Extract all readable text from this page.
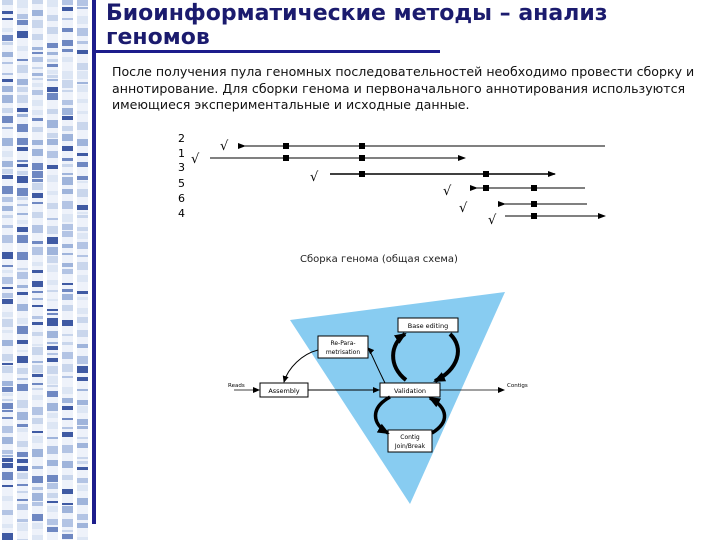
Биоинформатические методы – анализ геномов

После получения пула геномных последовательностей необходимо провести сборку и аннотирование. Для сборки генома и первоначального аннотирования используются имеющиеся экспериментальные и исходные данные.

2
1
3
5
6
4
√
√
√
√
√
√
Сборка генома (общая схема)
Base editing
Re-Para-
metrisation
Assembly	Validation
Contig
Join/Break
Reads	Contigs
